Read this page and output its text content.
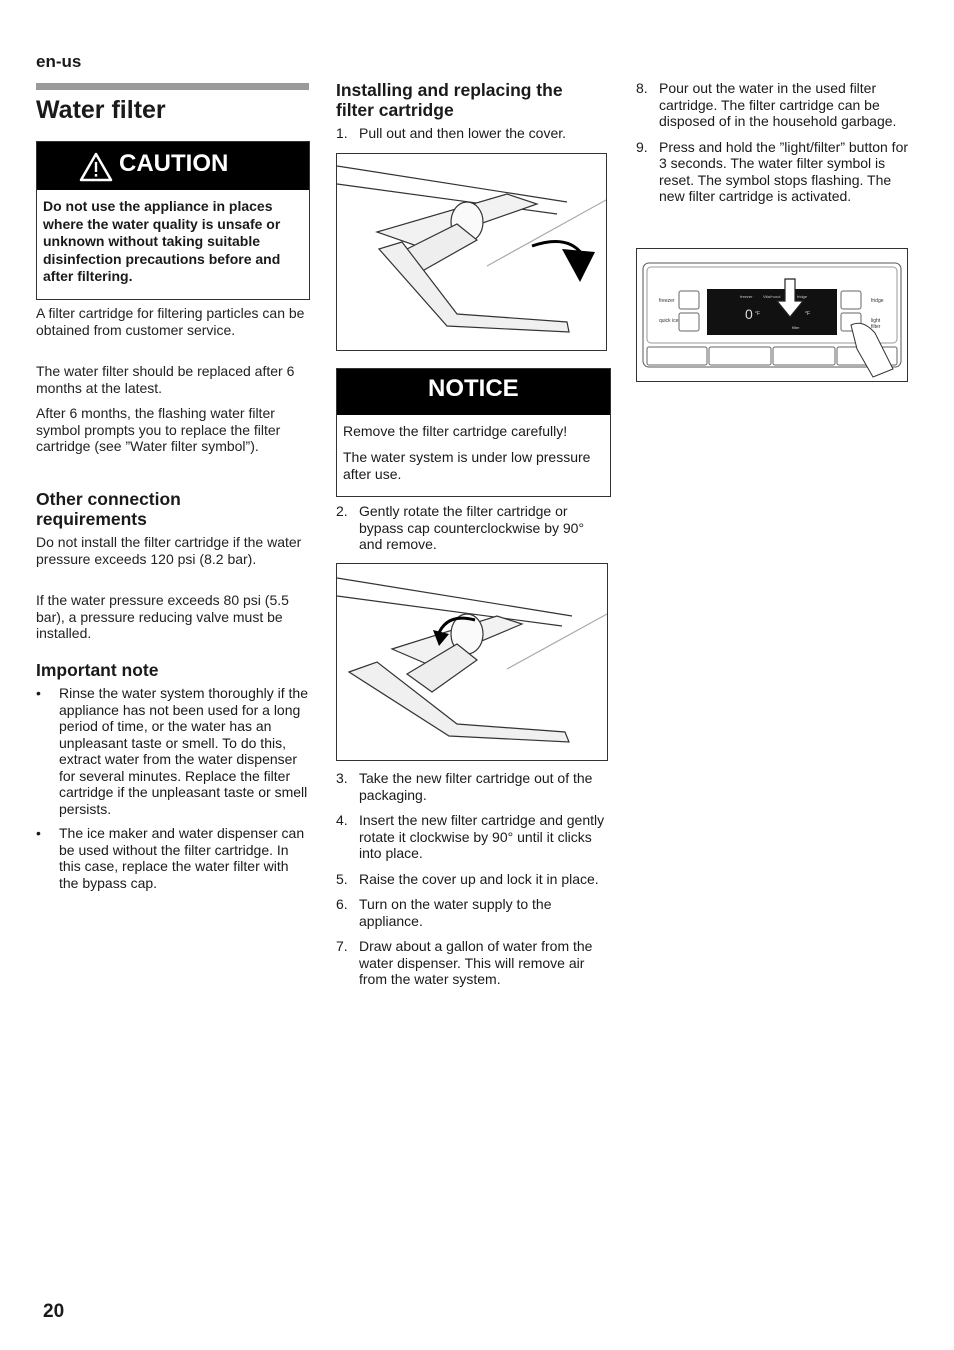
en-us
Water filter
CAUTION
Do not use the appliance in places where the water quality is unsafe or unknown without taking suitable disinfection precautions before and after filtering.
A filter cartridge for filtering particles can be obtained from customer service.
The water filter should be replaced after 6 months at the latest.
After 6 months, the flashing water filter symbol prompts you to replace the filter cartridge (see ”Water filter symbol”).
Other connection requirements
Do not install the filter cartridge if the water pressure exceeds 120 psi (8.2 bar).
If the water pressure exceeds 80 psi (5.5 bar), a pressure reducing valve must be installed.
Important note
• Rinse the water system thoroughly if the appliance has not been used for a long period of time, or the water has an unpleasant taste or smell. To do this, extract water from the water dispenser for several minutes. Replace the filter cartridge if the unpleasant taste or smell persists.
• The ice maker and water dispenser can be used without the filter cartridge. In this case, replace the water filter with the bypass cap.
Installing and replacing the filter cartridge
1. Pull out and then lower the cover.
NOTICE

Remove the filter cartridge carefully!

The water system is under low pressure after use.

2. Gently rotate the filter cartridge or bypass cap counterclockwise by 90° and remove.
3. Take the new filter cartridge out of the packaging.
4. Insert the new filter cartridge and gently rotate it clockwise by 90° until it clicks into place.
5. Raise the cover up and lock it in place.
6. Turn on the water supply to the appliance.
7. Draw about a gallon of water from the water dispenser. This will remove air from the water system.
8. Pour out the water in the used filter cartridge. The filter cartridge can be disposed of in the household garbage.
9. Press and hold the ”light/filter” button for 3 seconds. The water filter symbol is reset. The symbol stops flashing. The new filter cartridge is activated.
freezer
quick ice
freezer	Vital+cool	fridge
0 °F	°F
filter
fridge
light
filter
20
